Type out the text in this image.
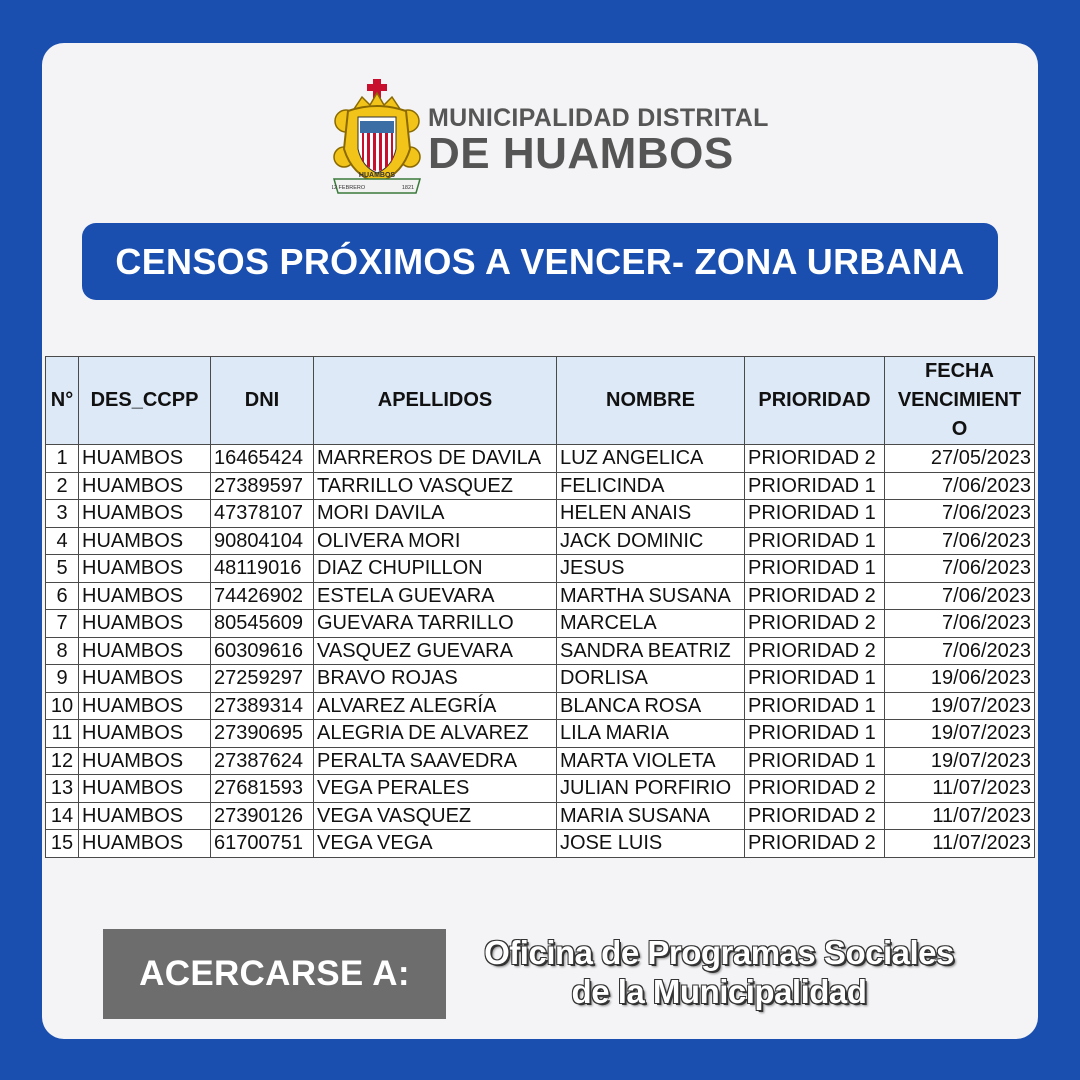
HUAMBOS
12 FEBRERO	1821
MUNICIPALIDAD DISTRITAL
DE HUAMBOS
CENSOS PRÓXIMOS A VENCER- ZONA URBANA
N°	DES_CCPP	DNI	APELLIDOS	NOMBRE	PRIORIDAD	FECHA VENCIMIENT O
1	HUAMBOS	16465424	MARREROS DE DAVILA	LUZ ANGELICA	PRIORIDAD 2	27/05/2023
2	HUAMBOS	27389597	TARRILLO VASQUEZ	FELICINDA	PRIORIDAD 1	7/06/2023
3	HUAMBOS	47378107	MORI DAVILA	HELEN ANAIS	PRIORIDAD 1	7/06/2023
4	HUAMBOS	90804104	OLIVERA MORI	JACK DOMINIC	PRIORIDAD 1	7/06/2023
5	HUAMBOS	48119016	DIAZ CHUPILLON	JESUS	PRIORIDAD 1	7/06/2023
6	HUAMBOS	74426902	ESTELA GUEVARA	MARTHA SUSANA	PRIORIDAD 2	7/06/2023
7	HUAMBOS	80545609	GUEVARA TARRILLO	MARCELA	PRIORIDAD 2	7/06/2023
8	HUAMBOS	60309616	VASQUEZ GUEVARA	SANDRA BEATRIZ	PRIORIDAD 2	7/06/2023
9	HUAMBOS	27259297	BRAVO ROJAS	DORLISA	PRIORIDAD 1	19/06/2023
10	HUAMBOS	27389314	ALVAREZ ALEGRÍA	BLANCA ROSA	PRIORIDAD 1	19/07/2023
11	HUAMBOS	27390695	ALEGRIA DE ALVAREZ	LILA MARIA	PRIORIDAD 1	19/07/2023
12	HUAMBOS	27387624	PERALTA SAAVEDRA	MARTA VIOLETA	PRIORIDAD 1	19/07/2023
13	HUAMBOS	27681593	VEGA PERALES	JULIAN PORFIRIO	PRIORIDAD 2	11/07/2023
14	HUAMBOS	27390126	VEGA VASQUEZ	MARIA SUSANA	PRIORIDAD 2	11/07/2023
15	HUAMBOS	61700751	VEGA VEGA	JOSE LUIS	PRIORIDAD 2	11/07/2023
ACERCARSE A:
Oficina de Programas Sociales
de la Municipalidad
